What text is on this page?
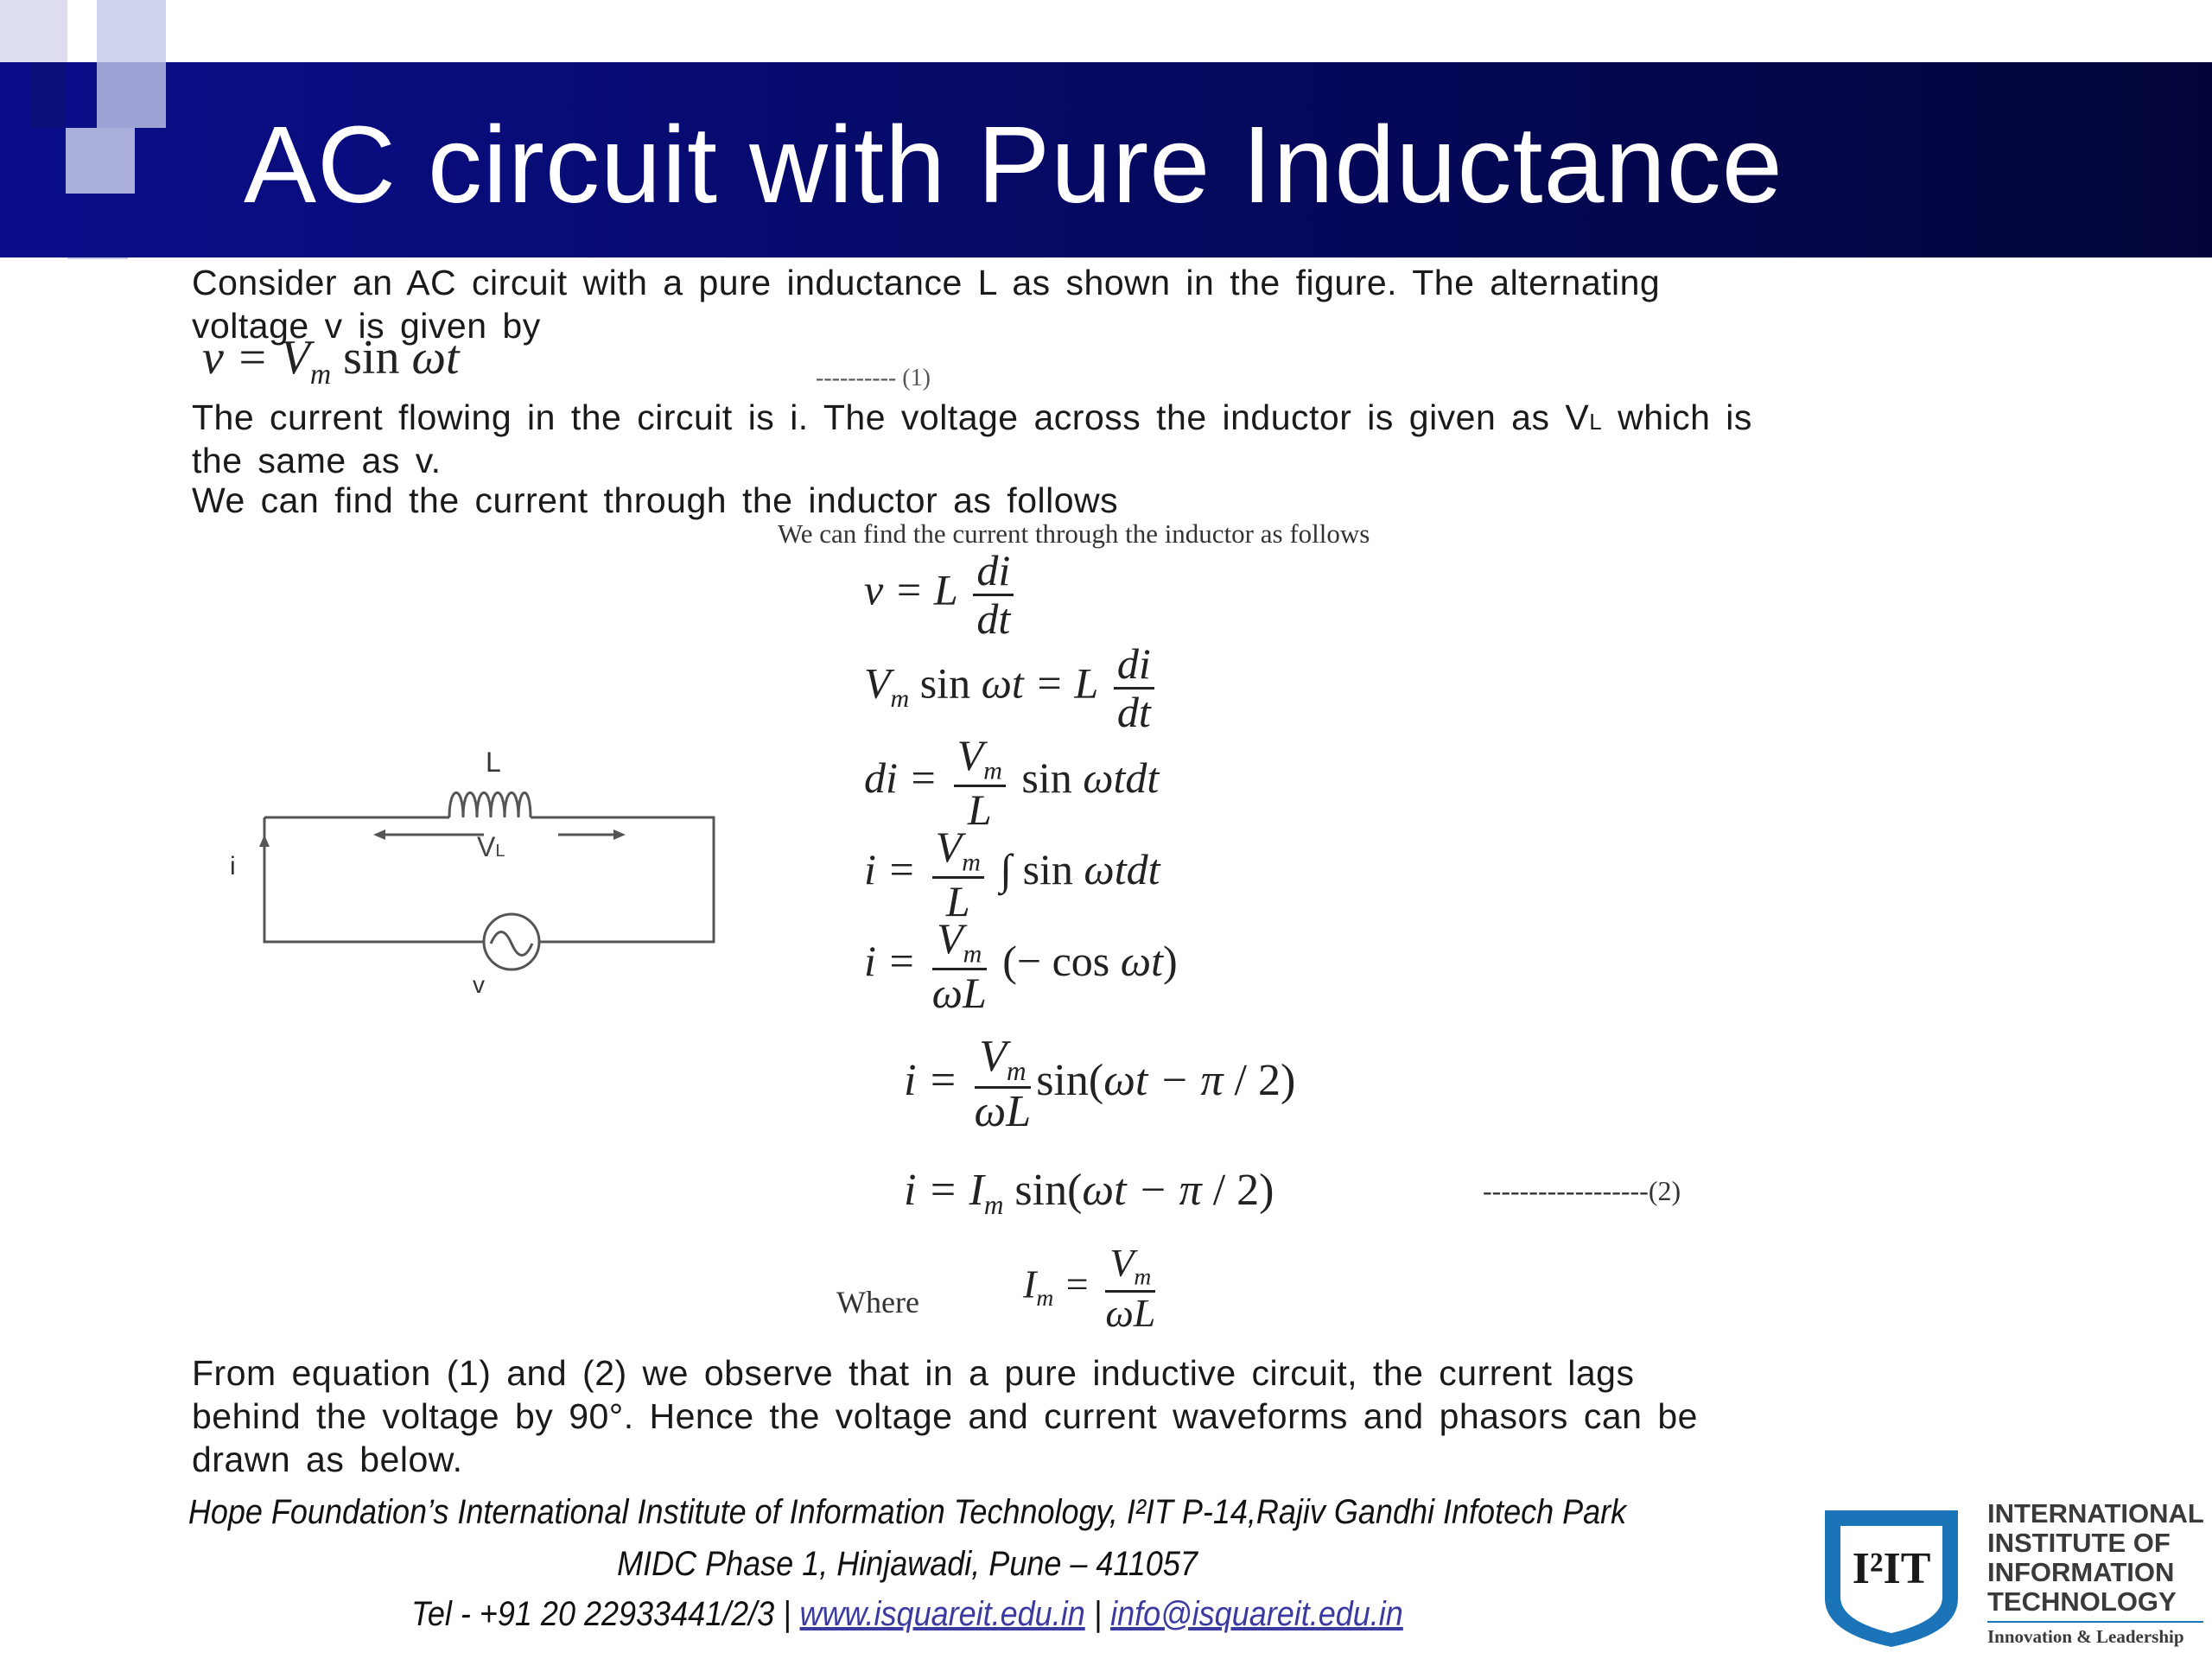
AC circuit with Pure Inductance
Consider an AC circuit with a pure inductance L as shown in the figure. The alternating
voltage v is given by
$v = V_m$ sin ωt	---------- (1)
The current flowing in the circuit is i. The voltage across the inductor is given as VL which is
the same as v.
We can find the current through the inductor as follows
We can find the current through the inductor as follows
v = L $\frac{di}{dt}$
$V_m$ sin ωt = L $\frac{di}{dt}$
di = $\frac{V_m}{L}$ sin ωtdt
$i = \frac{V_m}{L}$ ∫ sin ωtdt
$i = \frac{V_m}{\omega L}$ (− cos ωt)
$i = \frac{V_m}{\omega L} \sin(\omega t - \pi / 2)$
$i = I_m$ sin(ωt − π / 2)	------------------(2)
Where	$I_m = \frac{V_m}{\omega L}$
L
VL
i
v
From equation (1) and (2) we observe that in a pure inductive circuit, the current lags
behind the voltage by 90°. Hence the voltage and current waveforms and phasors can be
drawn as below.
Hope Foundation’s International Institute of Information Technology, I²IT P-14,Rajiv Gandhi Infotech Park
MIDC Phase 1, Hinjawadi, Pune – 411057
Tel - +91 20 22933441/2/3 | www.isquareit.edu.in | info@isquareit.edu.in
I²IT
INTERNATIONAL
INSTITUTE OF
INFORMATION
TECHNOLOGY
Innovation & Leadership
